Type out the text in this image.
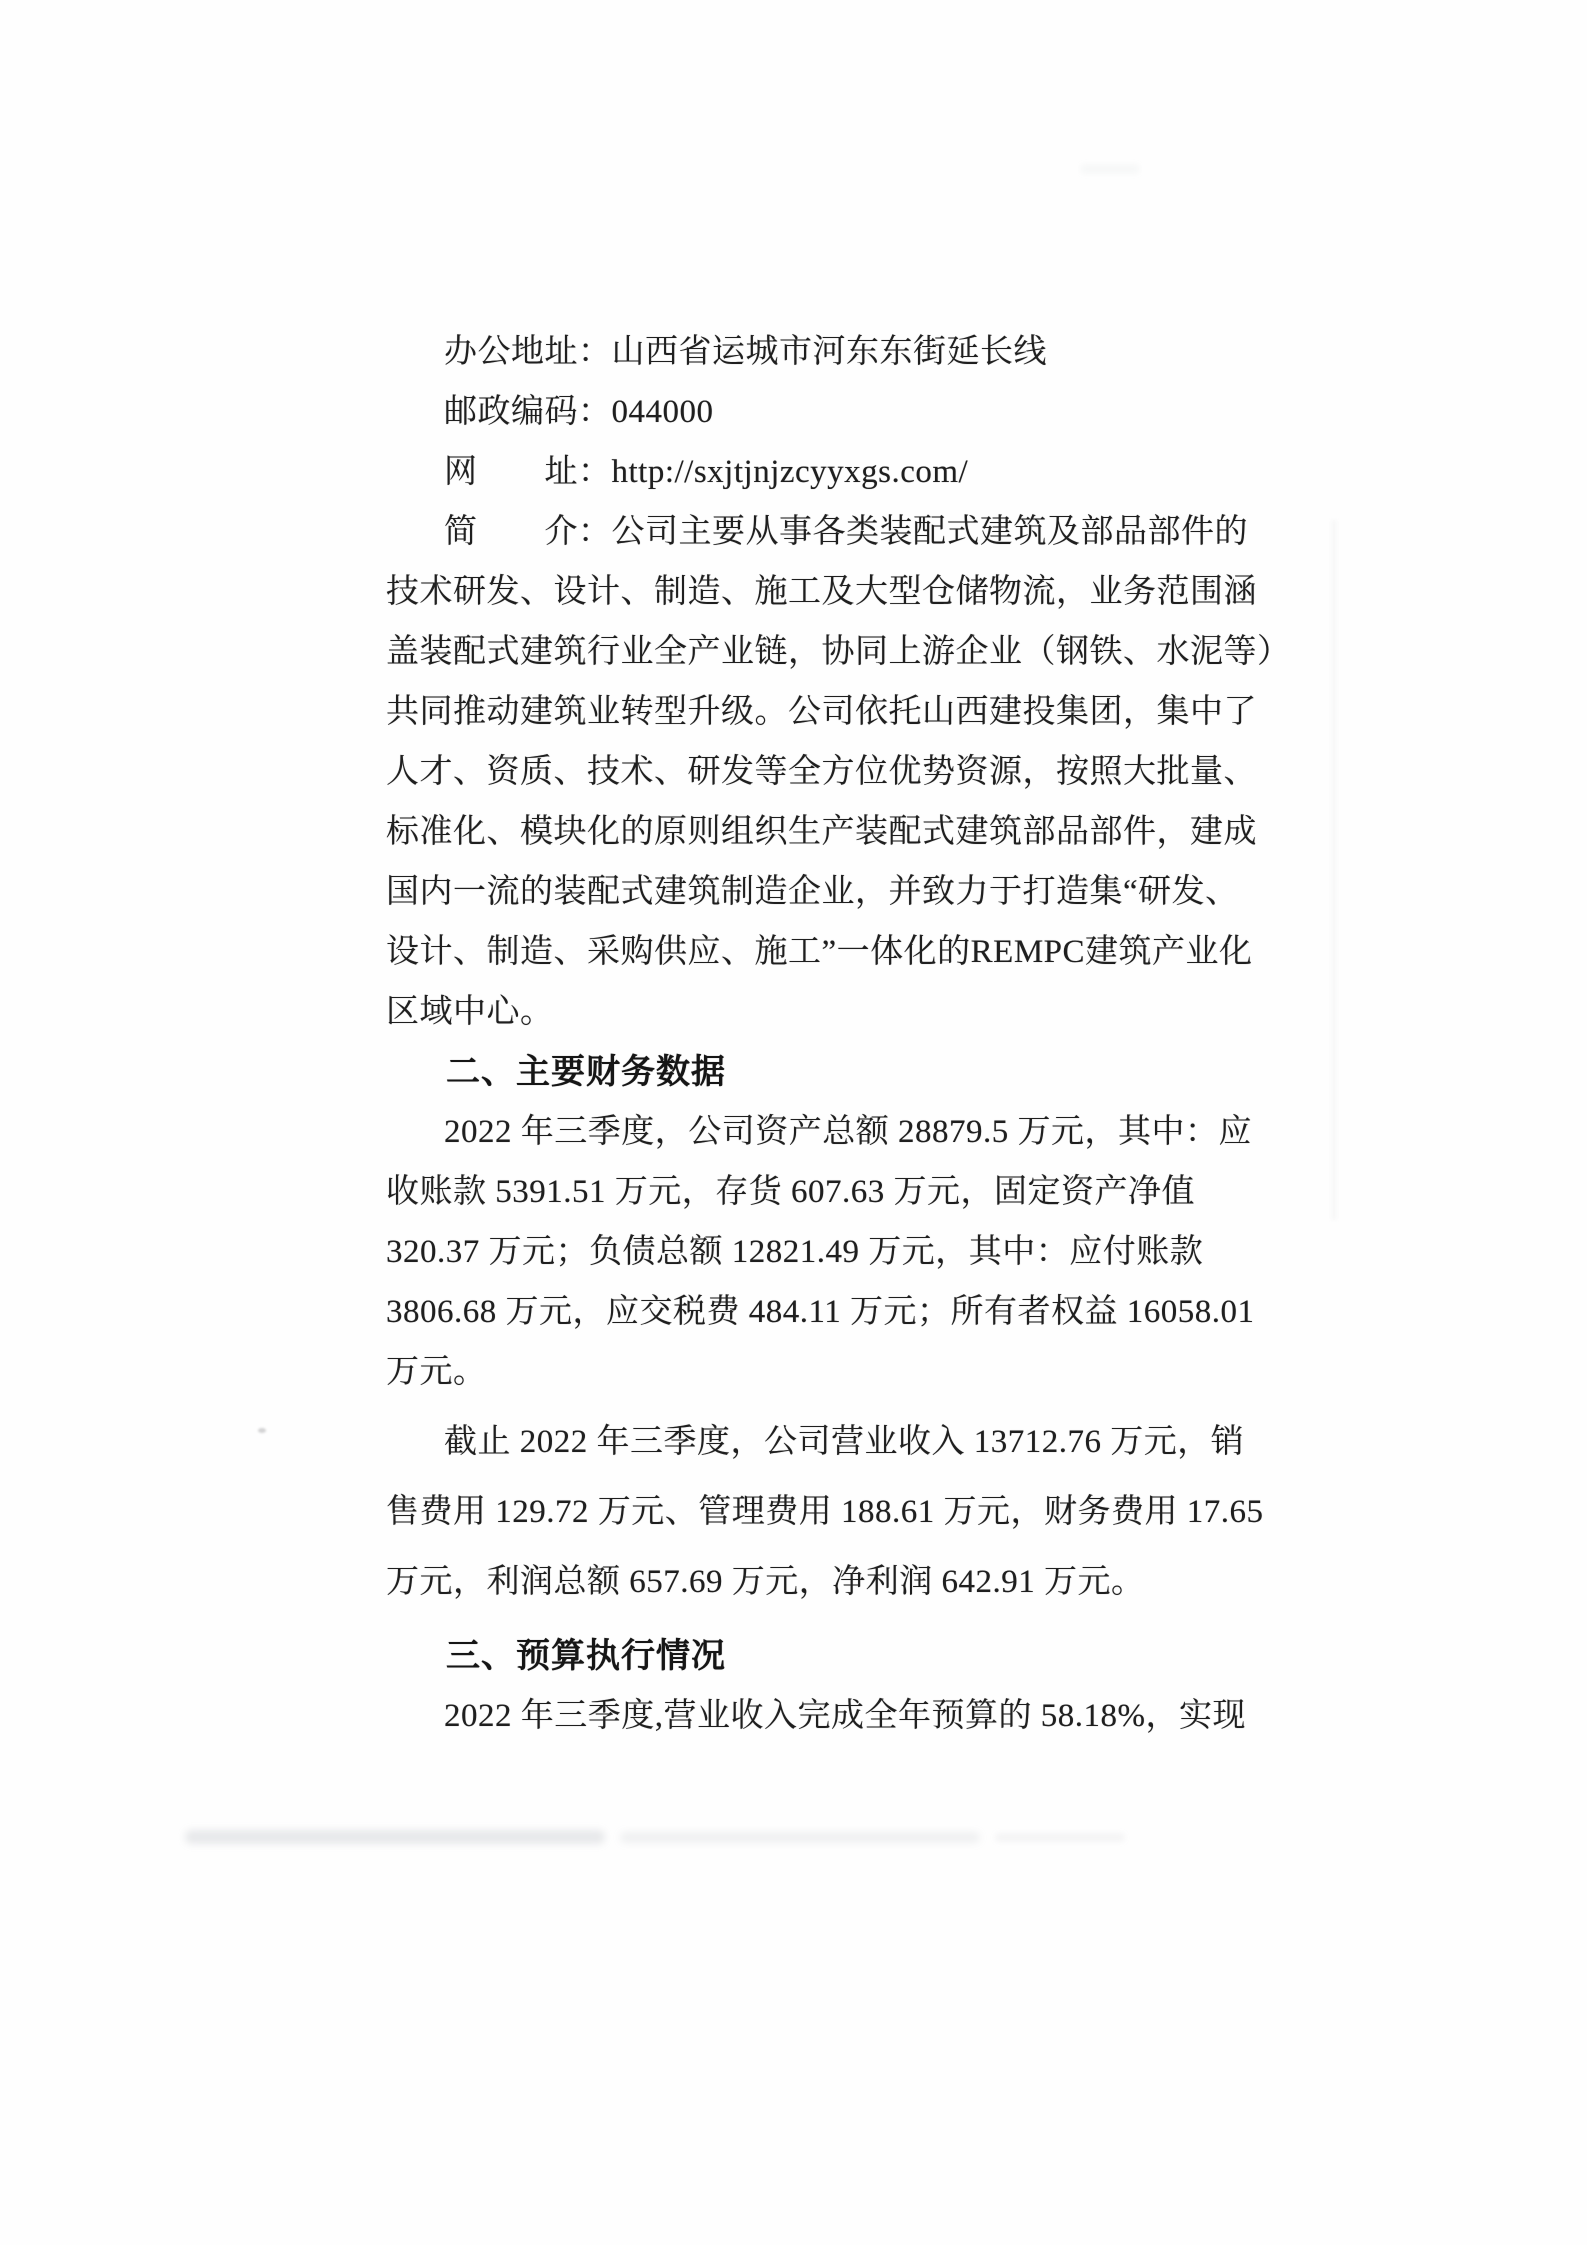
办公地址：山西省运城市河东东街延长线
邮政编码：044000
网　　址：http://sxjtjnjzcyyxgs.com/
简　　介：公司主要从事各类装配式建筑及部品部件的
技术研发、设计、制造、施工及大型仓储物流，业务范围涵
盖装配式建筑行业全产业链，协同上游企业（钢铁、水泥等）
共同推动建筑业转型升级。公司依托山西建投集团，集中了
人才、资质、技术、研发等全方位优势资源，按照大批量、
标准化、模块化的原则组织生产装配式建筑部品部件，建成
国内一流的装配式建筑制造企业，并致力于打造集“研发、
设计、制造、采购供应、施工”一体化的REMPC建筑产业化
区域中心。
二、主要财务数据
2022 年三季度，公司资产总额 28879.5 万元，其中：应
收账款 5391.51 万元，存货 607.63 万元，固定资产净值
320.37 万元；负债总额 12821.49 万元，其中：应付账款
3806.68 万元，应交税费 484.11 万元；所有者权益 16058.01
万元。
截止 2022 年三季度，公司营业收入 13712.76 万元，销
售费用 129.72 万元、管理费用 188.61 万元，财务费用 17.65
万元，利润总额 657.69 万元，净利润 642.91 万元。
三、预算执行情况
2022 年三季度,营业收入完成全年预算的 58.18%，实现
